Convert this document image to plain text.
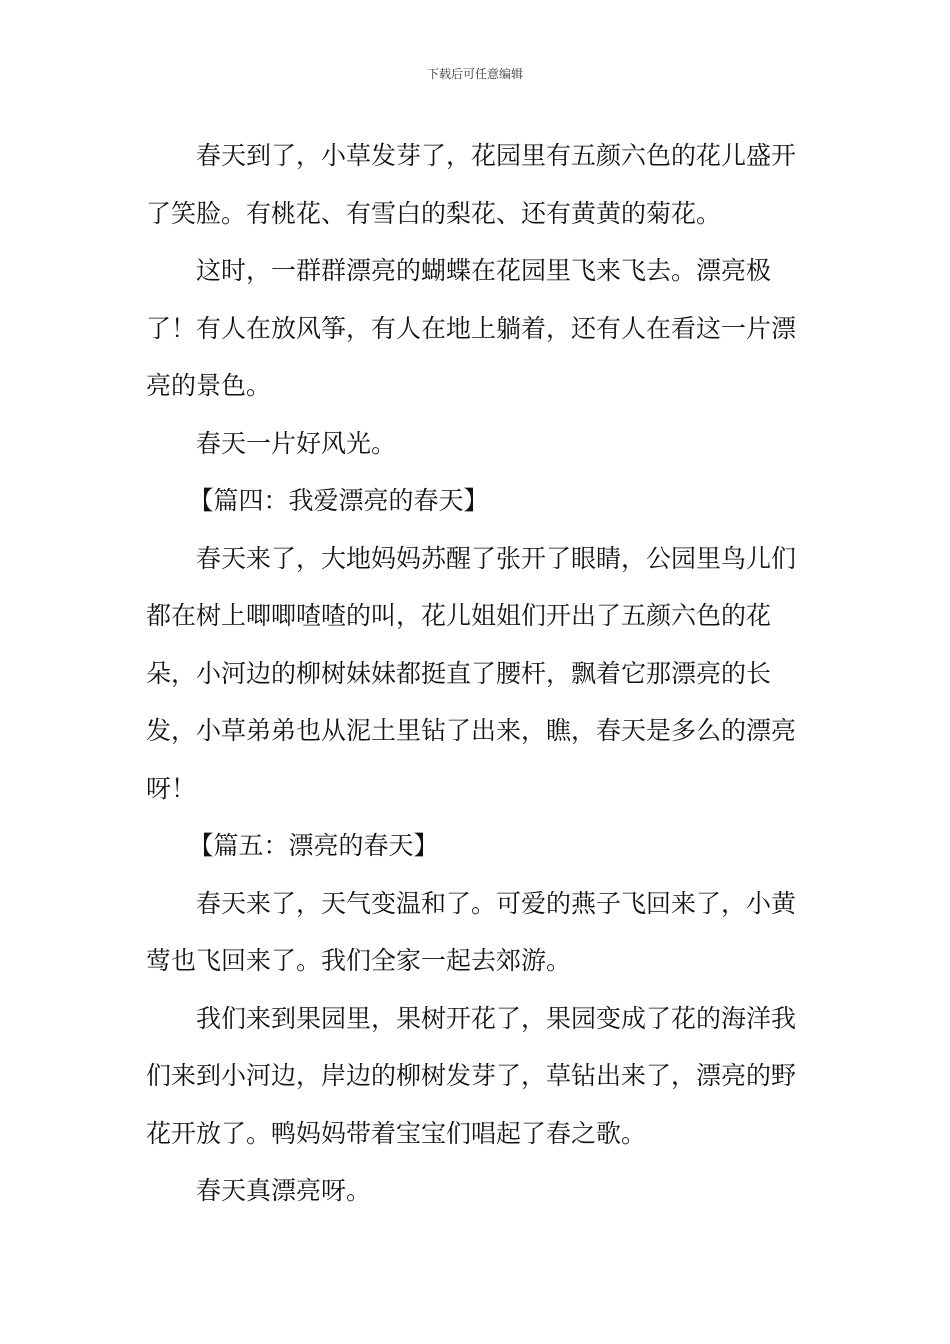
下载后可任意编辑

春天到了，小草发芽了，花园里有五颜六色的花儿盛开了笑脸。有桃花、有雪白的梨花、还有黄黄的菊花。

这时，一群群漂亮的蝴蝶在花园里飞来飞去。漂亮极了！有人在放风筝，有人在地上躺着，还有人在看这一片漂亮的景色。

春天一片好风光。

【篇四：我爱漂亮的春天】

春天来了，大地妈妈苏醒了张开了眼睛，公园里鸟儿们都在树上唧唧喳喳的叫，花儿姐姐们开出了五颜六色的花朵，小河边的柳树妹妹都挺直了腰杆，飘着它那漂亮的长发，小草弟弟也从泥土里钻了出来，瞧，春天是多么的漂亮呀！

【篇五：漂亮的春天】

春天来了，天气变温和了。可爱的燕子飞回来了，小黄莺也飞回来了。我们全家一起去郊游。

我们来到果园里，果树开花了，果园变成了花的海洋我们来到小河边，岸边的柳树发芽了，草钻出来了，漂亮的野花开放了。鸭妈妈带着宝宝们唱起了春之歌。

春天真漂亮呀。
